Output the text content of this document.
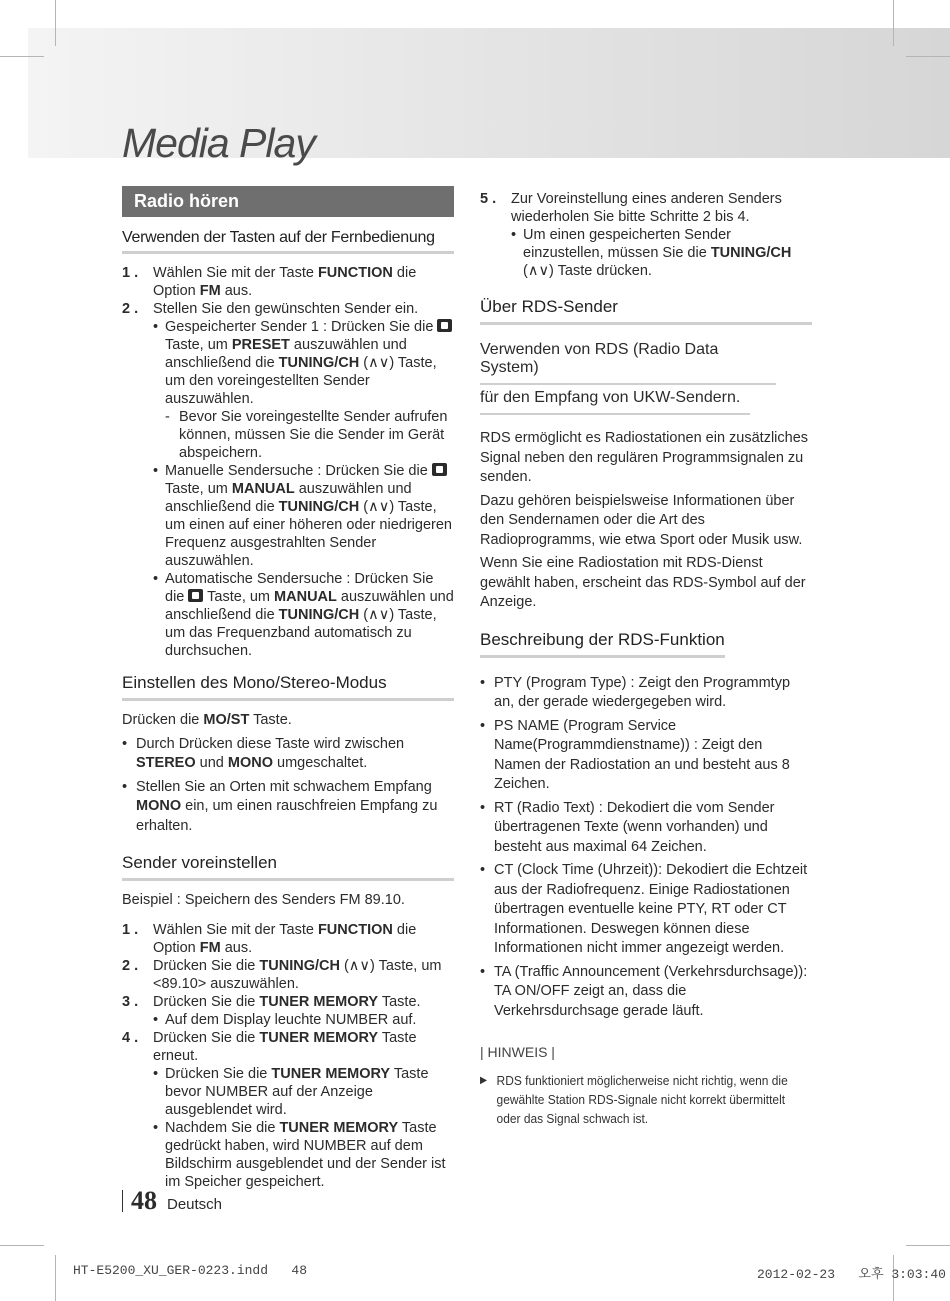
Media Play
Radio hören
Verwenden der Tasten auf der Fernbedienung
1 .	Wählen Sie mit der Taste FUNCTION die Option FM aus.
2 .	Stellen Sie den gewünschten Sender ein.
• Gespeicherter Sender 1 : Drücken Sie die  Taste, um PRESET auszuwählen und anschließend die TUNING/CH (∧∨) Taste, um den voreingestellten Sender auszuwählen.
- Bevor Sie voreingestellte Sender aufrufen können, müssen Sie die Sender im Gerät abspeichern.
• Manuelle Sendersuche : Drücken Sie die  Taste, um MANUAL auszuwählen und anschließend die TUNING/CH (∧∨) Taste, um einen auf einer höheren oder niedrigeren Frequenz ausgestrahlten Sender auszuwählen.
• Automatische Sendersuche : Drücken Sie die  Taste, um MANUAL auszuwählen und anschließend die TUNING/CH (∧∨) Taste, um das Frequenzband automatisch zu durchsuchen.
Einstellen des Mono/Stereo-Modus
Drücken die MO/ST Taste.
• Durch Drücken diese Taste wird zwischen STEREO und MONO umgeschaltet.
• Stellen Sie an Orten mit schwachem Empfang MONO ein, um einen rauschfreien Empfang zu erhalten.
Sender voreinstellen
Beispiel : Speichern des Senders FM 89.10.
1 .	Wählen Sie mit der Taste FUNCTION die Option FM aus.
2 .	Drücken Sie die TUNING/CH (∧∨) Taste, um <89.10> auszuwählen.
3 .	Drücken Sie die TUNER MEMORY Taste.
• Auf dem Display leuchte NUMBER auf.
4 .	Drücken Sie die TUNER MEMORY Taste erneut.
• Drücken Sie die TUNER MEMORY Taste bevor NUMBER auf der Anzeige ausgeblendet wird.
• Nachdem Sie die TUNER MEMORY Taste gedrückt haben, wird NUMBER auf dem Bildschirm ausgeblendet und der Sender ist im Speicher gespeichert.
5 .	Zur Voreinstellung eines anderen Senders wiederholen Sie bitte Schritte 2 bis 4.
• Um einen gespeicherten Sender einzustellen, müssen Sie die TUNING/CH (∧∨) Taste drücken.
Über RDS-Sender
Verwenden von RDS (Radio Data System)
für den Empfang von UKW-Sendern.

RDS ermöglicht es Radiostationen ein zusätzliches Signal neben den regulären Programmsignalen zu senden.

Dazu gehören beispielsweise Informationen über den Sendernamen oder die Art des Radioprogramms, wie etwa Sport oder Musik usw.

Wenn Sie eine Radiostation mit RDS-Dienst gewählt haben, erscheint das RDS-Symbol auf der Anzeige.

Beschreibung der RDS-Funktion
• PTY (Program Type) : Zeigt den Programmtyp an, der gerade wiedergegeben wird.
• PS NAME (Program Service Name(Programmdienstname)) : Zeigt den Namen der Radiostation an und besteht aus 8 Zeichen.
• RT (Radio Text) : Dekodiert die vom Sender übertragenen Texte (wenn vorhanden) und besteht aus maximal 64 Zeichen.
• CT (Clock Time (Uhrzeit)): Dekodiert die Echtzeit aus der Radiofrequenz. Einige Radiostationen übertragen eventuelle keine PTY, RT oder CT Informationen. Deswegen können diese Informationen nicht immer angezeigt werden.
• TA (Traffic Announcement (Verkehrsdurchsage)): TA ON/OFF zeigt an, dass die Verkehrsdurchsage gerade läuft.
| HINWEIS |
▶ RDS funktioniert möglicherweise nicht richtig, wenn die gewählte Station RDS-Signale nicht korrekt übermittelt oder das Signal schwach ist.
48 Deutsch
HT-E5200_XU_GER-0223.indd   48	2012-02-23   오후 3:03:40
